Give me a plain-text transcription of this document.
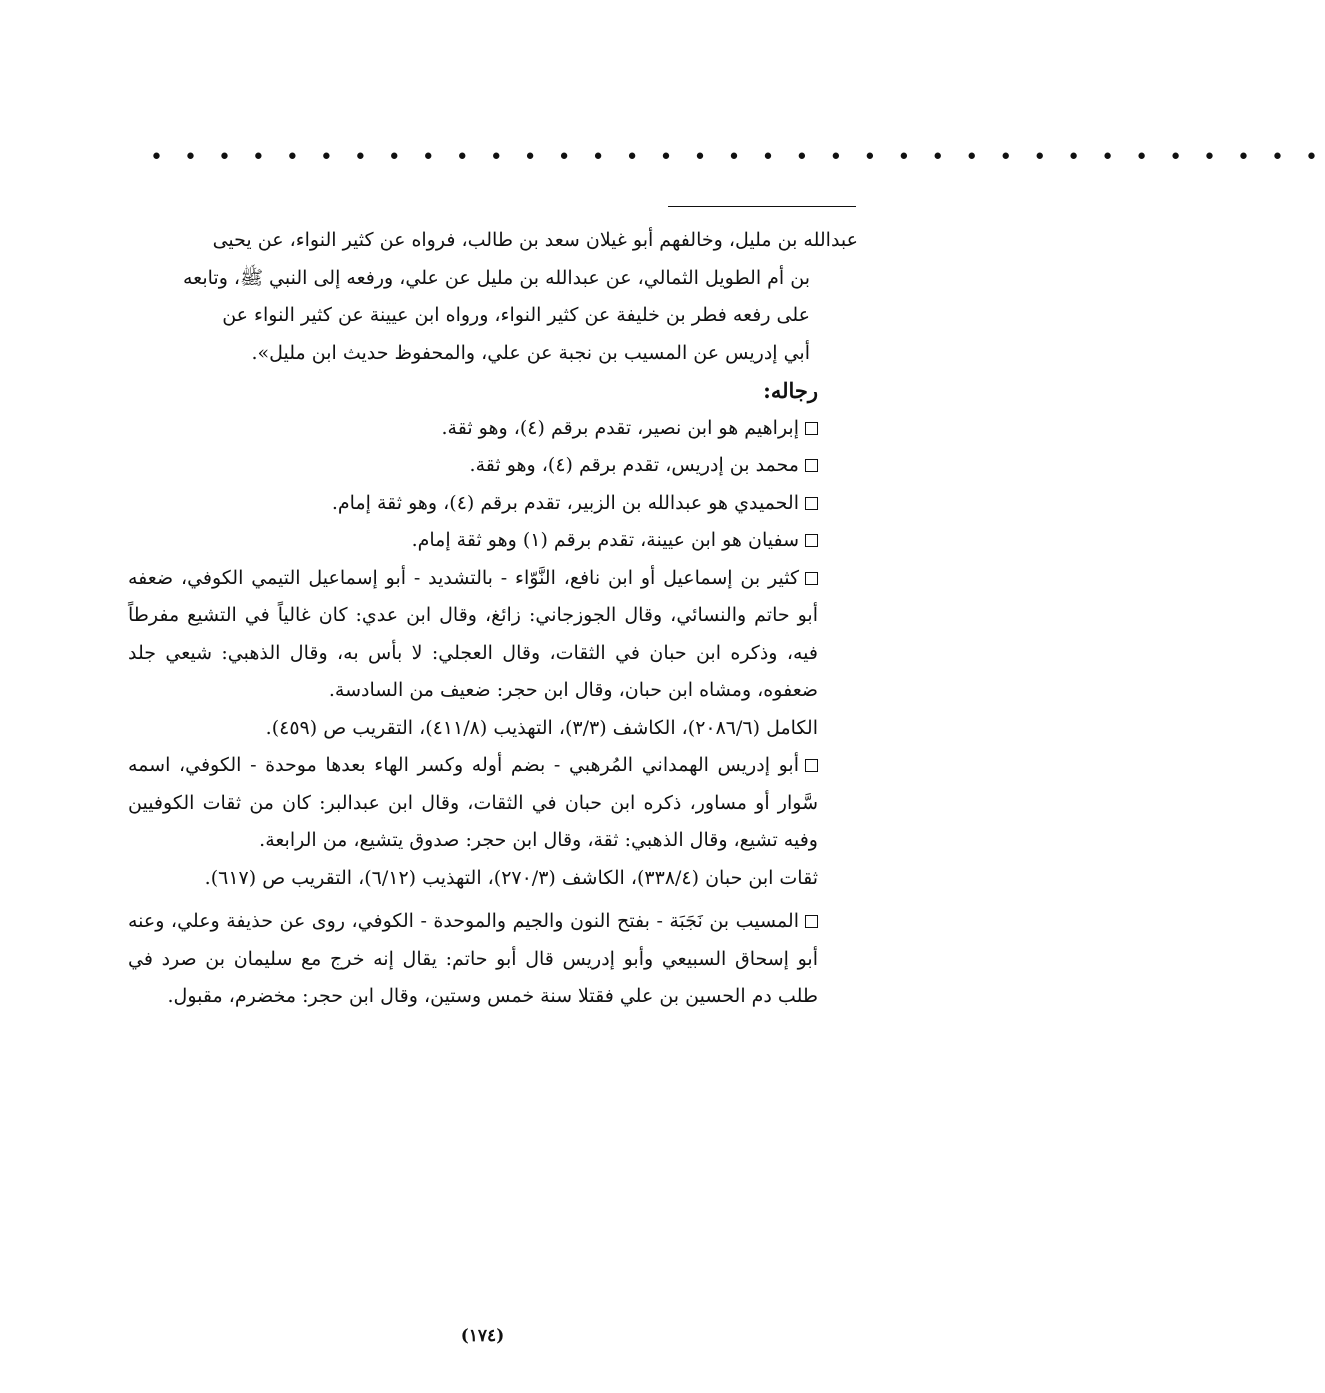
• • • • • • • • • • • • • • • • • • • • • • • • • • • • • • • • • • •

عبدالله بن مليل، وخالفهم أبو غيلان سعد بن طالب، فرواه عن كثير النواء، عن يحيى

بن أم الطويل الثمالي، عن عبدالله بن مليل عن علي، ورفعه إلى النبي ﷺ، وتابعه

على رفعه فطر بن خليفة عن كثير النواء، ورواه ابن عيينة عن كثير النواء عن

أبي إدريس عن المسيب بن نجبة عن علي، والمحفوظ حديث ابن مليل».

رجاله:

إبراهيم هو ابن نصير، تقدم برقم (٤)، وهو ثقة.

محمد بن إدريس، تقدم برقم (٤)، وهو ثقة.

الحميدي هو عبدالله بن الزبير، تقدم برقم (٤)، وهو ثقة إمام.

سفيان هو ابن عيينة، تقدم برقم (١) وهو ثقة إمام.

كثير بن إسماعيل أو ابن نافع، النَّوّاء - بالتشديد - أبو إسماعيل التيمي الكوفي، ضعفه أبو حاتم والنسائي، وقال الجوزجاني: زائغ، وقال ابن عدي: كان غالياً في التشيع مفرطاً فيه، وذكره ابن حبان في الثقات، وقال العجلي: لا بأس به، وقال الذهبي: شيعي جلد ضعفوه، ومشاه ابن حبان، وقال ابن حجر: ضعيف من السادسة.

الكامل (٢٠٨٦/٦)، الكاشف (٣/٣)، التهذيب (٤١١/٨)، التقريب ص (٤٥٩).

أبو إدريس الهمداني المُرهبي - بضم أوله وكسر الهاء بعدها موحدة - الكوفي، اسمه سَّوار أو مساور، ذكره ابن حبان في الثقات، وقال ابن عبدالبر: كان من ثقات الكوفيين وفيه تشيع، وقال الذهبي: ثقة، وقال ابن حجر: صدوق يتشيع، من الرابعة.

ثقات ابن حبان (٣٣٨/٤)، الكاشف (٢٧٠/٣)، التهذيب (٦/١٢)، التقريب ص (٦١٧).

المسيب بن نَجَبَة - بفتح النون والجيم والموحدة - الكوفي، روى عن حذيفة وعلي، وعنه أبو إسحاق السبيعي وأبو إدريس قال أبو حاتم: يقال إنه خرج مع سليمان بن صرد في طلب دم الحسين بن علي فقتلا سنة خمس وستين، وقال ابن حجر: مخضرم، مقبول.

(١٧٤)
